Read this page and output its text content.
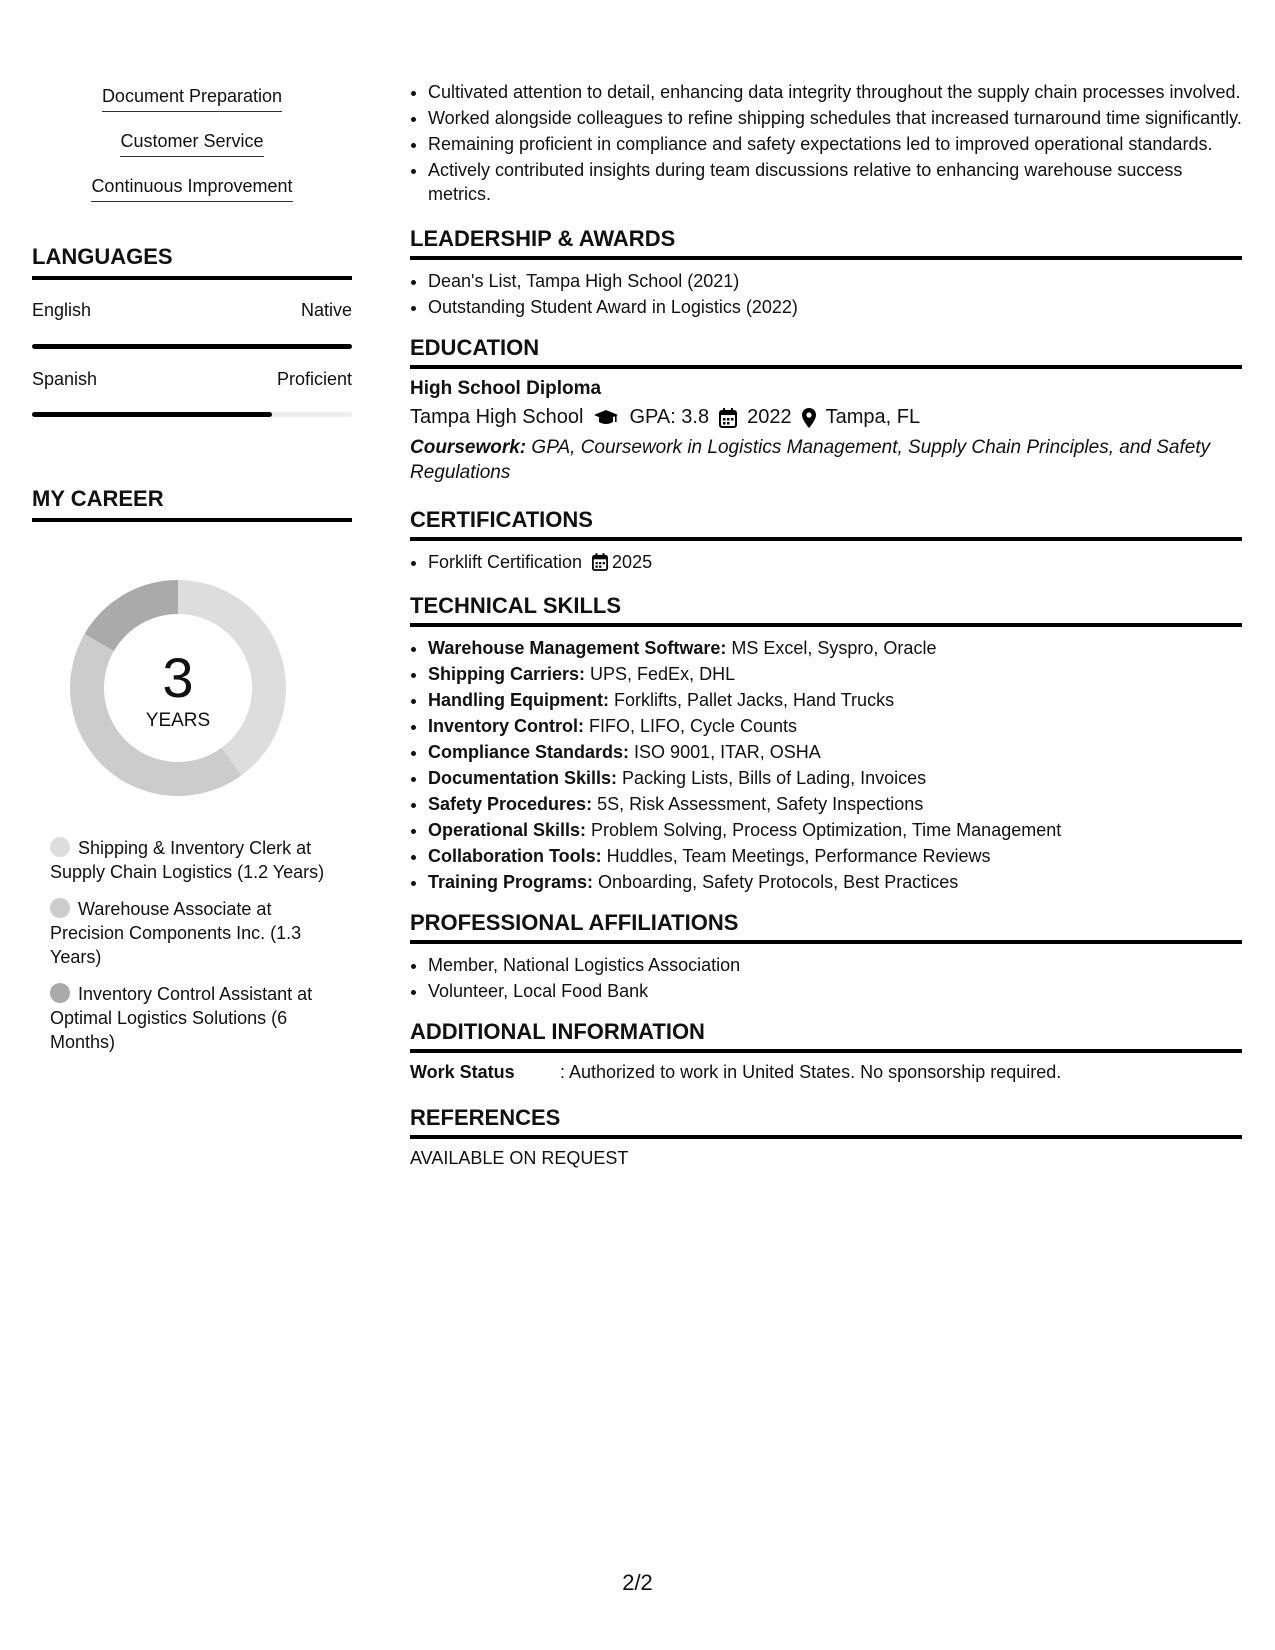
Document Preparation
Customer Service
Continuous Improvement
LANGUAGES
English	Native
Spanish	Proficient
MY CAREER
3
YEARS
Shipping & Inventory Clerk at Supply Chain Logistics (1.2 Years)
Warehouse Associate at Precision Components Inc. (1.3 Years)
Inventory Control Assistant at Optimal Logistics Solutions (6 Months)
• Cultivated attention to detail, enhancing data integrity throughout the supply chain processes involved.
• Worked alongside colleagues to refine shipping schedules that increased turnaround time significantly.
• Remaining proficient in compliance and safety expectations led to improved operational standards.
• Actively contributed insights during team discussions relative to enhancing warehouse success metrics.
LEADERSHIP & AWARDS
• Dean's List, Tampa High School (2021)
• Outstanding Student Award in Logistics (2022)
EDUCATION
High School Diploma
Tampa High School GPA: 3.8 2022 Tampa, FL
Coursework: GPA, Coursework in Logistics Management, Supply Chain Principles, and Safety Regulations
CERTIFICATIONS
• Forklift Certification 2025
TECHNICAL SKILLS
• Warehouse Management Software: MS Excel, Syspro, Oracle
• Shipping Carriers: UPS, FedEx, DHL
• Handling Equipment: Forklifts, Pallet Jacks, Hand Trucks
• Inventory Control: FIFO, LIFO, Cycle Counts
• Compliance Standards: ISO 9001, ITAR, OSHA
• Documentation Skills: Packing Lists, Bills of Lading, Invoices
• Safety Procedures: 5S, Risk Assessment, Safety Inspections
• Operational Skills: Problem Solving, Process Optimization, Time Management
• Collaboration Tools: Huddles, Team Meetings, Performance Reviews
• Training Programs: Onboarding, Safety Protocols, Best Practices
PROFESSIONAL AFFILIATIONS
• Member, National Logistics Association
• Volunteer, Local Food Bank
ADDITIONAL INFORMATION
Work Status	: Authorized to work in United States. No sponsorship required.
REFERENCES
AVAILABLE ON REQUEST
2/2
